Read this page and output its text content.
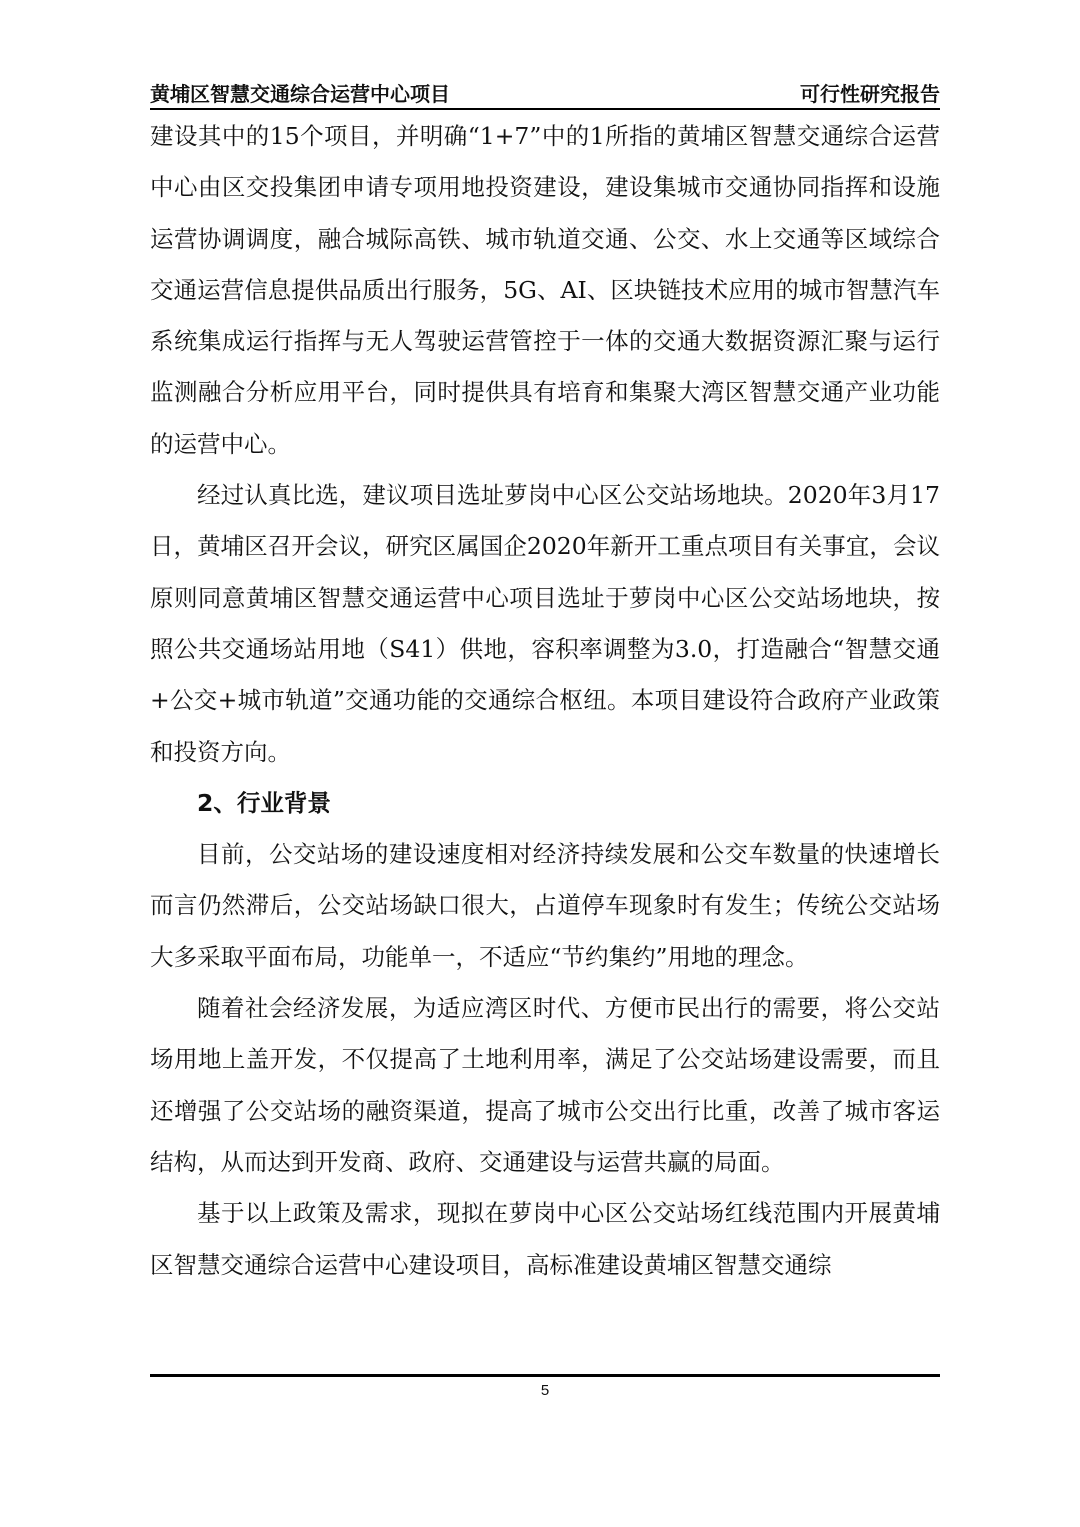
黄埔区智慧交通综合运营中心项目	可行性研究报告

建设其中的15个项目，并明确“1+7”中的1所指的黄埔区智慧交通综合运营中心由区交投集团申请专项用地投资建设，建设集城市交通协同指挥和设施运营协调调度，融合城际高铁、城市轨道交通、公交、水上交通等区域综合交通运营信息提供品质出行服务，5G、AI、区块链技术应用的城市智慧汽车系统集成运行指挥与无人驾驶运营管控于一体的交通大数据资源汇聚与运行监测融合分析应用平台，同时提供具有培育和集聚大湾区智慧交通产业功能的运营中心。

经过认真比选，建议项目选址萝岗中心区公交站场地块。2020年3月17日，黄埔区召开会议，研究区属国企2020年新开工重点项目有关事宜，会议原则同意黄埔区智慧交通运营中心项目选址于萝岗中心区公交站场地块，按照公共交通场站用地（S41）供地，容积率调整为3.0，打造融合“智慧交通+公交+城市轨道”交通功能的交通综合枢纽。本项目建设符合政府产业政策和投资方向。

2、行业背景

目前，公交站场的建设速度相对经济持续发展和公交车数量的快速增长而言仍然滞后，公交站场缺口很大，占道停车现象时有发生；传统公交站场大多采取平面布局，功能单一，不适应“节约集约”用地的理念。

随着社会经济发展，为适应湾区时代、方便市民出行的需要，将公交站场用地上盖开发，不仅提高了土地利用率，满足了公交站场建设需要，而且还增强了公交站场的融资渠道，提高了城市公交出行比重，改善了城市客运结构，从而达到开发商、政府、交通建设与运营共赢的局面。

基于以上政策及需求，现拟在萝岗中心区公交站场红线范围内开展黄埔区智慧交通综合运营中心建设项目，高标准建设黄埔区智慧交通综

5
